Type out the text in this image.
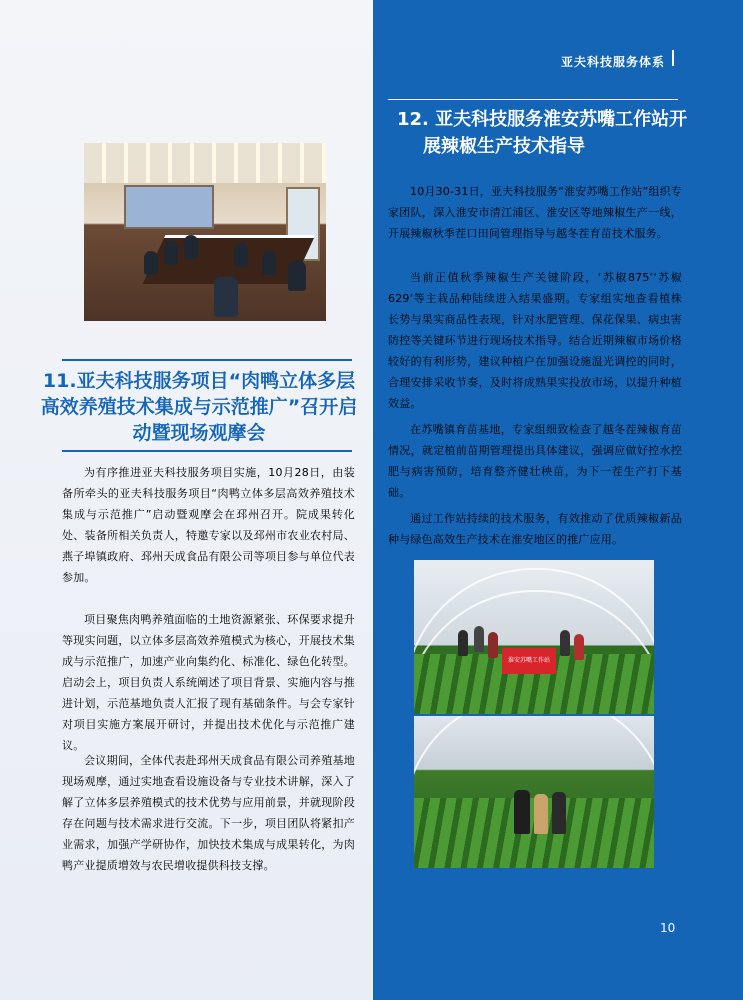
亚夫科技服务体系
11.亚夫科技服务项目“肉鸭立体多层高效养殖技术集成与示范推广”召开启动暨现场观摩会

为有序推进亚夫科技服务项目实施，10月28日，由装备所牵头的亚夫科技服务项目“肉鸭立体多层高效养殖技术集成与示范推广”启动暨观摩会在邳州召开。院成果转化处、装备所相关负责人，特邀专家以及邳州市农业农村局、燕子埠镇政府、邳州天成食品有限公司等项目参与单位代表参加。

项目聚焦肉鸭养殖面临的土地资源紧张、环保要求提升等现实问题，以立体多层高效养殖模式为核心，开展技术集成与示范推广，加速产业向集约化、标准化、绿色化转型。启动会上，项目负责人系统阐述了项目背景、实施内容与推进计划，示范基地负责人汇报了现有基础条件。与会专家针对项目实施方案展开研讨，并提出技术优化与示范推广建议。

会议期间，全体代表赴邳州天成食品有限公司养殖基地现场观摩，通过实地查看设施设备与专业技术讲解，深入了解了立体多层养殖模式的技术优势与应用前景，并就现阶段存在问题与技术需求进行交流。下一步，项目团队将紧扣产业需求，加强产学研协作，加快技术集成与成果转化，为肉鸭产业提质增效与农民增收提供科技支撑。

12. 亚夫科技服务淮安苏嘴工作站开
展辣椒生产技术指导

10月30-31日，亚夫科技服务“淮安苏嘴工作站”组织专家团队，深入淮安市清江浦区、淮安区等地辣椒生产一线，开展辣椒秋季茬口田间管理指导与越冬茬育苗技术服务。

当前正值秋季辣椒生产关键阶段，‘苏椒875’‘苏椒629’等主栽品种陆续进入结果盛期。专家组实地查看植株长势与果实商品性表现，针对水肥管理、保花保果、病虫害防控等关键环节进行现场技术指导。结合近期辣椒市场价格较好的有利形势，建议种植户在加强设施温光调控的同时，合理安排采收节奏，及时将成熟果实投放市场，以提升种植效益。

在苏嘴镇育苗基地，专家组细致检查了越冬茬辣椒育苗情况，就定植前苗期管理提出具体建议，强调应做好控水控肥与病害预防，培育整齐健壮秧苗，为下一茬生产打下基础。

通过工作站持续的技术服务，有效推动了优质辣椒新品种与绿色高效生产技术在淮安地区的推广应用。

淮安苏嘴工作站
10
